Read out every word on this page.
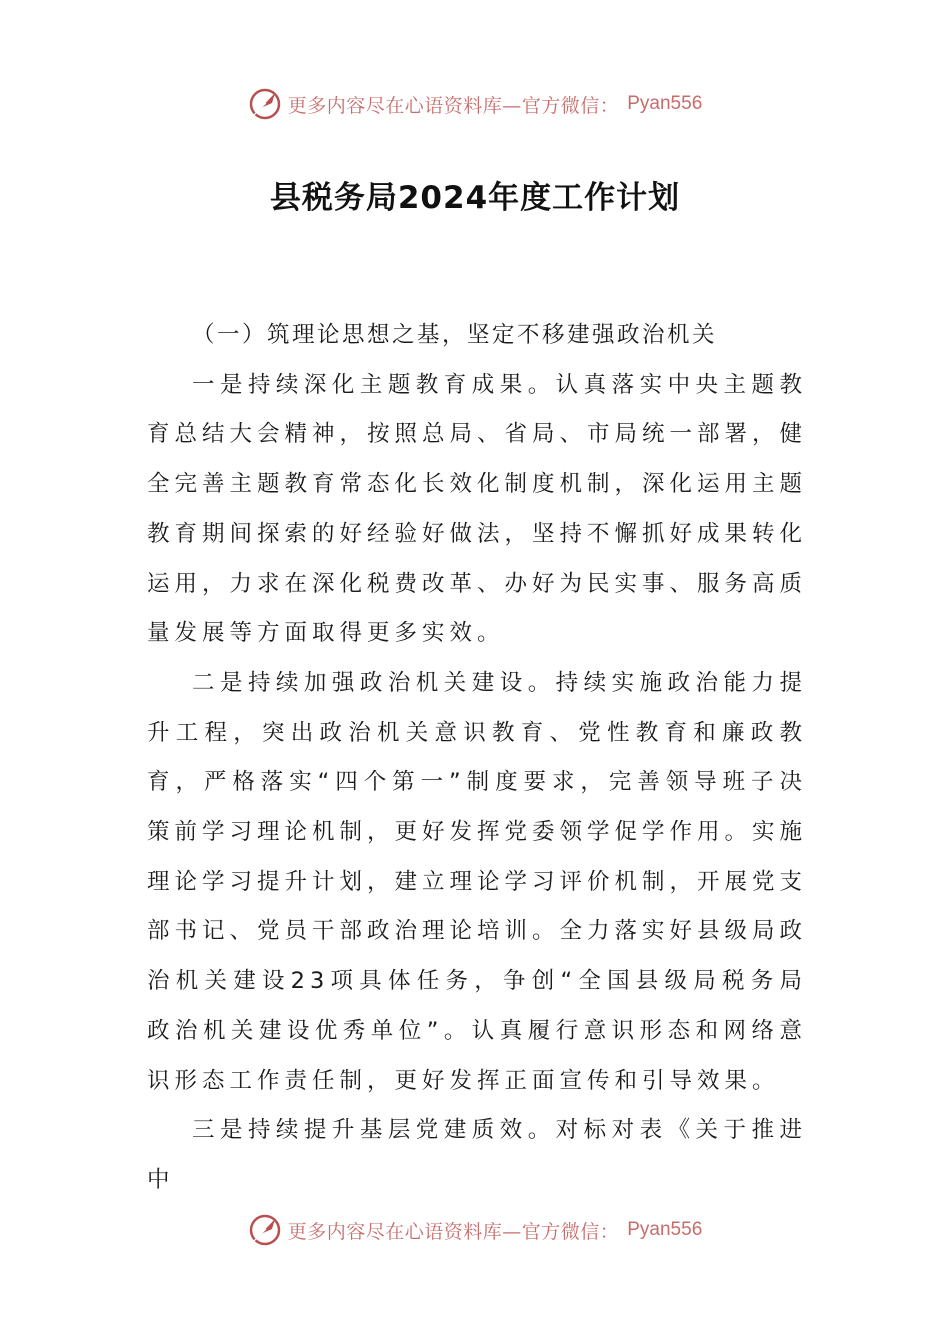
更多内容尽在心语资料库—官方微信： Pyan556
县税务局2024年度工作计划

（一）筑理论思想之基，坚定不移建强政治机关

一是持续深化主题教育成果。认真落实中央主题教育总结大会精神，按照总局、省局、市局统一部署，健全完善主题教育常态化长效化制度机制，深化运用主题教育期间探索的好经验好做法，坚持不懈抓好成果转化运用，力求在深化税费改革、办好为民实事、服务高质量发展等方面取得更多实效。

二是持续加强政治机关建设。持续实施政治能力提升工程，突出政治机关意识教育、党性教育和廉政教育，严格落实“四个第一”制度要求，完善领导班子决策前学习理论机制，更好发挥党委领学促学作用。实施理论学习提升计划，建立理论学习评价机制，开展党支部书记、党员干部政治理论培训。全力落实好县级局政治机关建设23项具体任务，争创“全国县级局税务局政治机关建设优秀单位”。认真履行意识形态和网络意识形态工作责任制，更好发挥正面宣传和引导效果。

三是持续提升基层党建质效。对标对表《关于推进中

更多内容尽在心语资料库—官方微信： Pyan556
